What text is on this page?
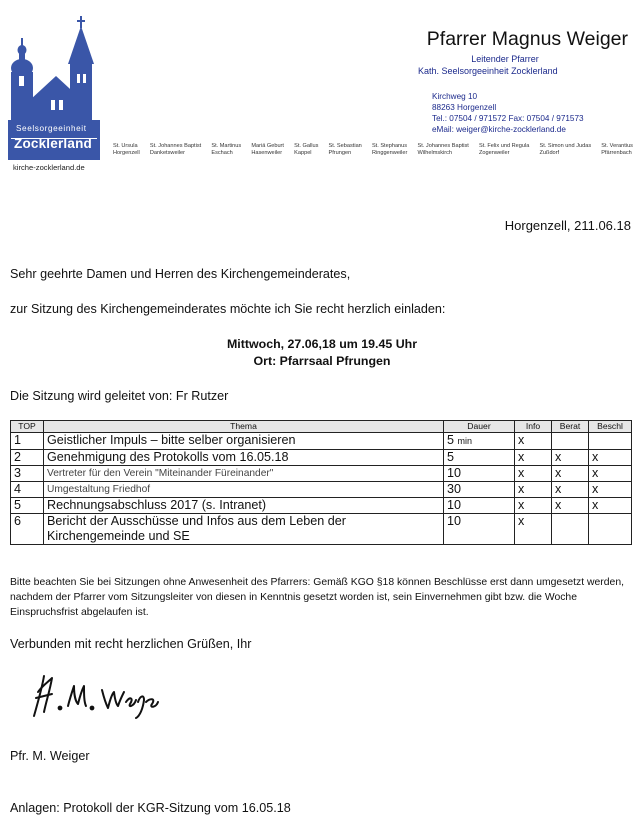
Seelsorgeeinheit
Zocklerland
kirche-zocklerland.de
St. Ursula
Horgenzell
St. Johannes Baptist
Danketsweiler
St. Martinus
Eschach
Mariä Geburt
Hasenweiler
St. Gallus
Kappel
St. Sebastian
Pfrungen
St. Stephanus
Ringgenweiler
St. Johannes Baptist
Wilhelmskirch
St. Felix und Regula
Zogenweiler
St. Simon und Judas
Zußdorf
St. Verantius
Pfärrenbach
Pfarrer Magnus Weiger
Leitender Pfarrer
Kath. Seelsorgeeinheit Zocklerland
Kirchweg 10
88263 Horgenzell
Tel.: 07504 / 971572 Fax: 07504 / 971573
eMail: weiger@kirche-zocklerland.de
Horgenzell, 211.06.18
Sehr geehrte Damen und Herren des Kirchengemeinderates,
zur Sitzung des Kirchengemeinderates möchte ich Sie recht herzlich einladen:
Mittwoch, 27.06,18 um 19.45 Uhr
Ort: Pfarrsaal Pfrungen
Die Sitzung wird geleitet von: Fr Rutzer
TOP	Thema	Dauer	Info	Berat	Beschl
1	Geistlicher Impuls – bitte selber organisieren	5 min	x		
2	Genehmigung des Protokolls vom 16.05.18	5	x	x	x
3	Vertreter für den Verein "Miteinander Füreinander"	10	x	x	x
4	Umgestaltung Friedhof	30	x	x	x
5	Rechnungsabschluss 2017 (s. Intranet)	10	x	x	x
6	Bericht der Ausschüsse und Infos aus dem Leben der Kirchengemeinde und SE	10	x		
Bitte beachten Sie bei Sitzungen ohne Anwesenheit des Pfarrers: Gemäß KGO §18 können Beschlüsse erst dann umgesetzt werden, nachdem der Pfarrer vom Sitzungsleiter von diesen in Kenntnis gesetzt worden ist, sein Einvernehmen gibt bzw. die Woche Einspruchsfrist abgelaufen ist.
Verbunden mit recht herzlichen Grüßen, Ihr
Pfr. M. Weiger
Anlagen: Protokoll der KGR-Sitzung vom 16.05.18
